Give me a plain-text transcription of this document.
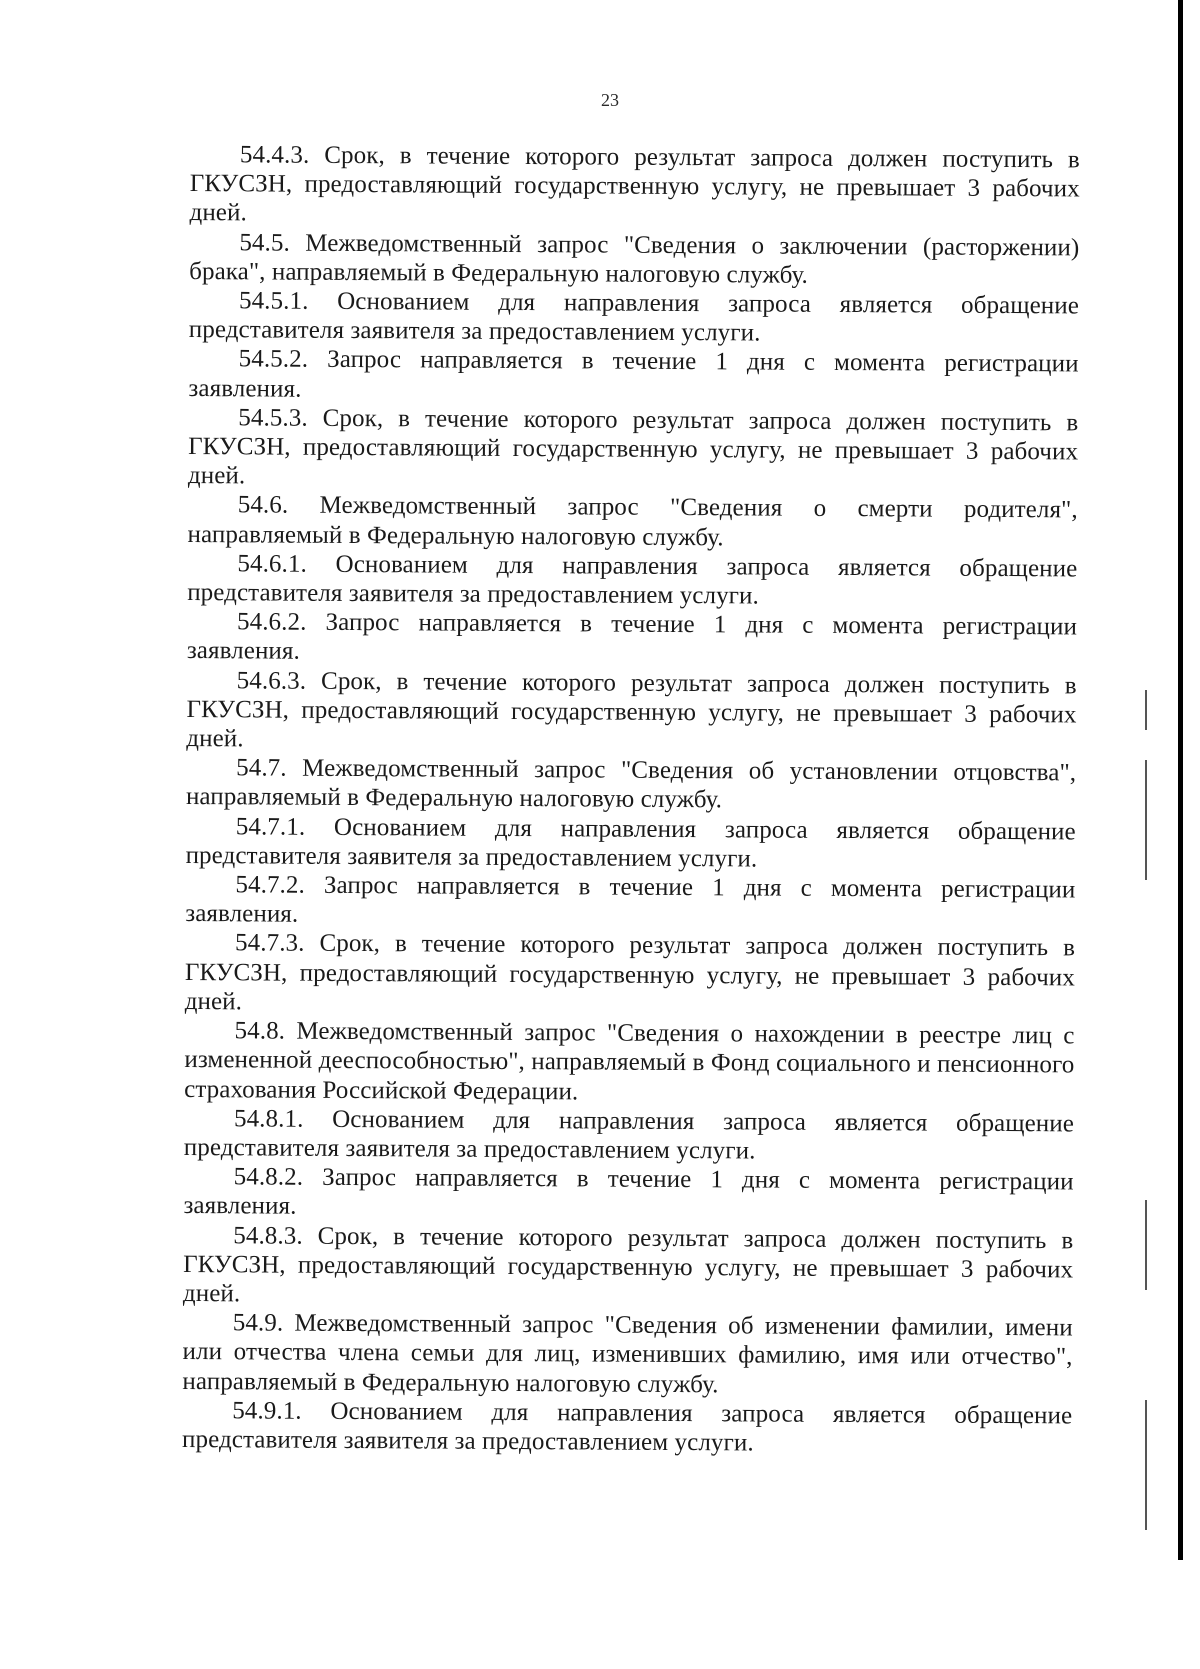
23

54.4.3. Срок, в течение которого результат запроса должен поступить в ГКУСЗН, предоставляющий государственную услугу, не превышает 3 рабочих дней.

54.5. Межведомственный запрос "Сведения о заключении (расторжении) брака", направляемый в Федеральную налоговую службу.

54.5.1. Основанием для направления запроса является обращение представителя заявителя за предоставлением услуги.

54.5.2. Запрос направляется в течение 1 дня с момента регистрации заявления.

54.5.3. Срок, в течение которого результат запроса должен поступить в ГКУСЗН, предоставляющий государственную услугу, не превышает 3 рабочих дней.

54.6. Межведомственный запрос "Сведения о смерти родителя", направляемый в Федеральную налоговую службу.

54.6.1. Основанием для направления запроса является обращение представителя заявителя за предоставлением услуги.

54.6.2. Запрос направляется в течение 1 дня с момента регистрации заявления.

54.6.3. Срок, в течение которого результат запроса должен поступить в ГКУСЗН, предоставляющий государственную услугу, не превышает 3 рабочих дней.

54.7. Межведомственный запрос "Сведения об установлении отцовства", направляемый в Федеральную налоговую службу.

54.7.1. Основанием для направления запроса является обращение представителя заявителя за предоставлением услуги.

54.7.2. Запрос направляется в течение 1 дня с момента регистрации заявления.

54.7.3. Срок, в течение которого результат запроса должен поступить в ГКУСЗН, предоставляющий государственную услугу, не превышает 3 рабочих дней.

54.8. Межведомственный запрос "Сведения о нахождении в реестре лиц с измененной дееспособностью", направляемый в Фонд социального и пенсионного страхования Российской Федерации.

54.8.1. Основанием для направления запроса является обращение представителя заявителя за предоставлением услуги.

54.8.2. Запрос направляется в течение 1 дня с момента регистрации заявления.

54.8.3. Срок, в течение которого результат запроса должен поступить в ГКУСЗН, предоставляющий государственную услугу, не превышает 3 рабочих дней.

54.9. Межведомственный запрос "Сведения об изменении фамилии, имени или отчества члена семьи для лиц, изменивших фамилию, имя или отчество", направляемый в Федеральную налоговую службу.

54.9.1. Основанием для направления запроса является обращение представителя заявителя за предоставлением услуги.
